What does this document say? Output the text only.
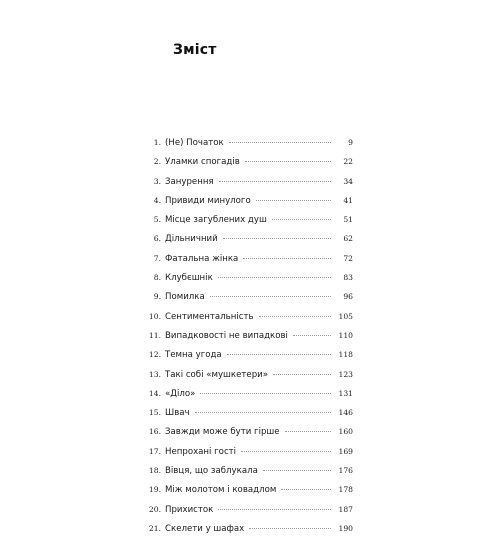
Зміст
1. (Не) Початок	9
2. Уламки спогадів	22
3. Занурення	34
4. Привиди минулого	41
5. Місце загублених душ	51
6. Дільничний	62
7. Фатальна жінка	72
8. Клубєшнік	83
9. Помилка	96
10. Сентиментальність	105
11. Випадковості не випадкові	110
12. Темна угода	118
13. Такі собі «мушкетери»	123
14. «Діло»	131
15. Швач	146
16. Завжди може бути гірше	160
17. Непрохані гості	169
18. Вівця, що заблукала	176
19. Між молотом і ковадлом	178
20. Прихисток	187
21. Скелети у шафах	190
